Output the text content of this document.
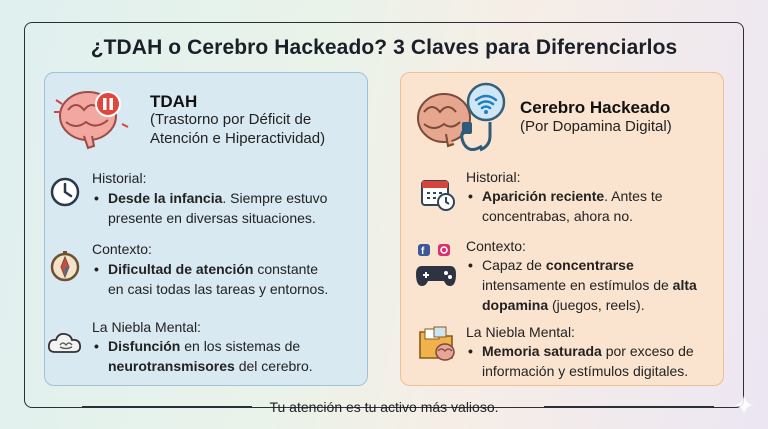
¿TDAH o Cerebro Hackeado? 3 Claves para Diferenciarlos
TDAH
(Trastorno por Déficit de
Atención e Hiperactividad)
Historial:
• Desde la infancia. Siempre estuvo
presente en diversas situaciones.
Contexto:
• Dificultad de atención constante
en casi todas las tareas y entornos.
La Niebla Mental:
• Disfunción en los sistemas de
neurotransmisores del cerebro.
Cerebro Hackeado
(Por Dopamina Digital)
Historial:
• Aparición reciente. Antes te
concentrabas, ahora no.
f	Contexto:
• Capaz de concentrarse
intensamente en estímulos de alta
dopamina (juegos, reels).
La Niebla Mental:
• Memoria saturada por exceso de
información y estímulos digitales.
Tu atención es tu activo más valioso.
